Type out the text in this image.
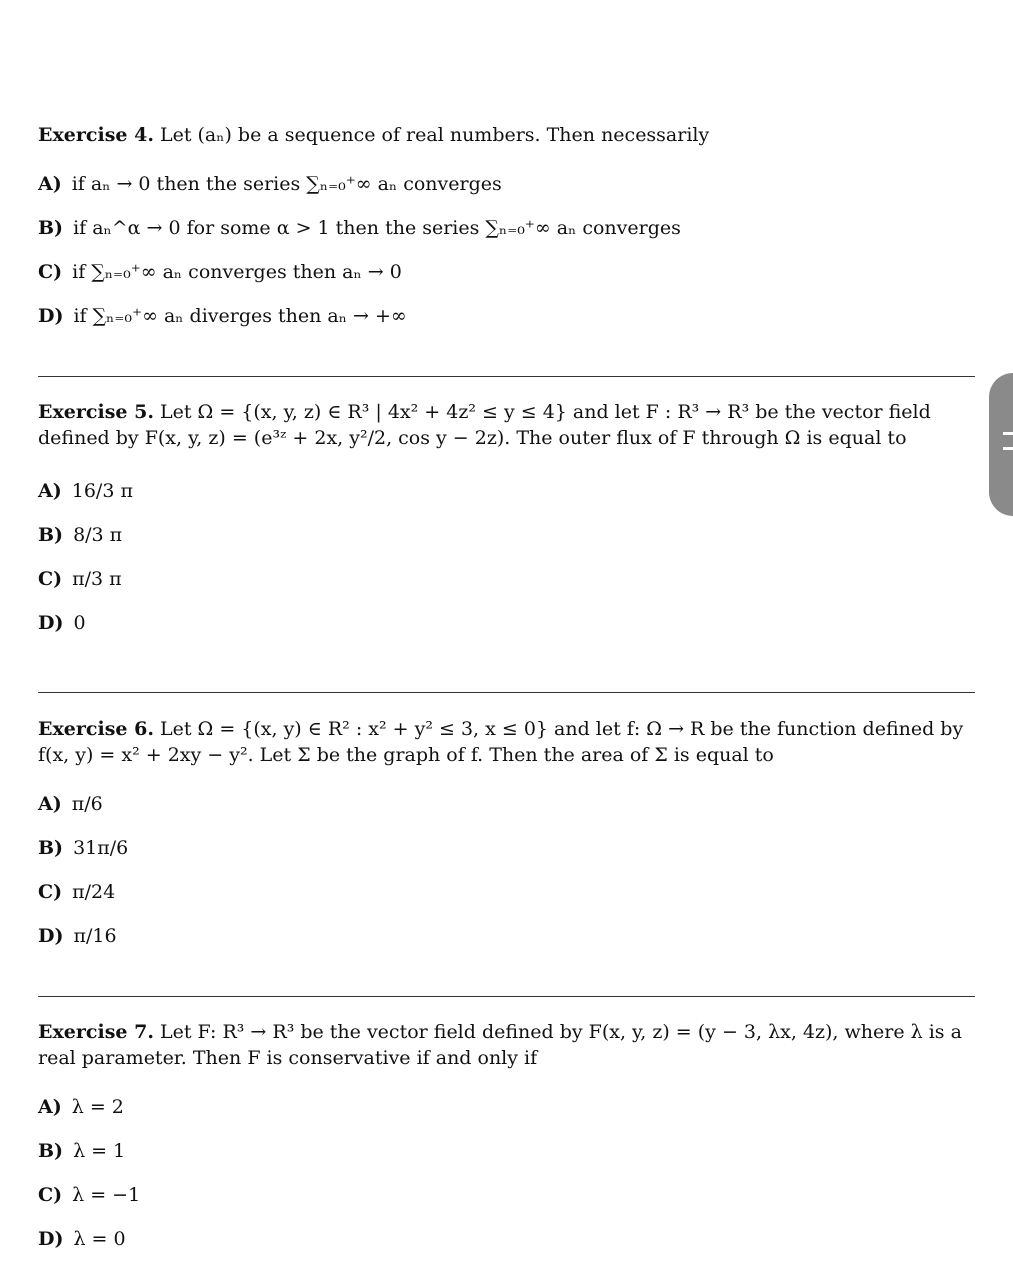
Exercise 4. Let (aₙ) be a sequence of real numbers. Then necessarily

A) if aₙ → 0 then the series ∑ₙ₌₀⁺∞ aₙ converges
B) if aₙ^α → 0 for some α > 1 then the series ∑ₙ₌₀⁺∞ aₙ converges
C) if ∑ₙ₌₀⁺∞ aₙ converges then aₙ → 0
D) if ∑ₙ₌₀⁺∞ aₙ diverges then aₙ → +∞

Exercise 5. Let Ω = {(x, y, z) ∈ R³ | 4x² + 4z² ≤ y ≤ 4} and let F : R³ → R³ be the vector field defined by F(x, y, z) = (e³ᶻ + 2x, y²/2, cos y − 2z). The outer flux of F through Ω is equal to

A) 16/3 π
B) 8/3 π
C) π/3 π
D) 0

Exercise 6. Let Ω = {(x, y) ∈ R² : x² + y² ≤ 3, x ≤ 0} and let f: Ω → R be the function defined by f(x, y) = x² + 2xy − y². Let Σ be the graph of f. Then the area of Σ is equal to

A) π/6
B) 31π/6
C) π/24
D) π/16

Exercise 7. Let F: R³ → R³ be the vector field defined by F(x, y, z) = (y − 3, λx, 4z), where λ is a real parameter. Then F is conservative if and only if

A) λ = 2
B) λ = 1
C) λ = −1
D) λ = 0
